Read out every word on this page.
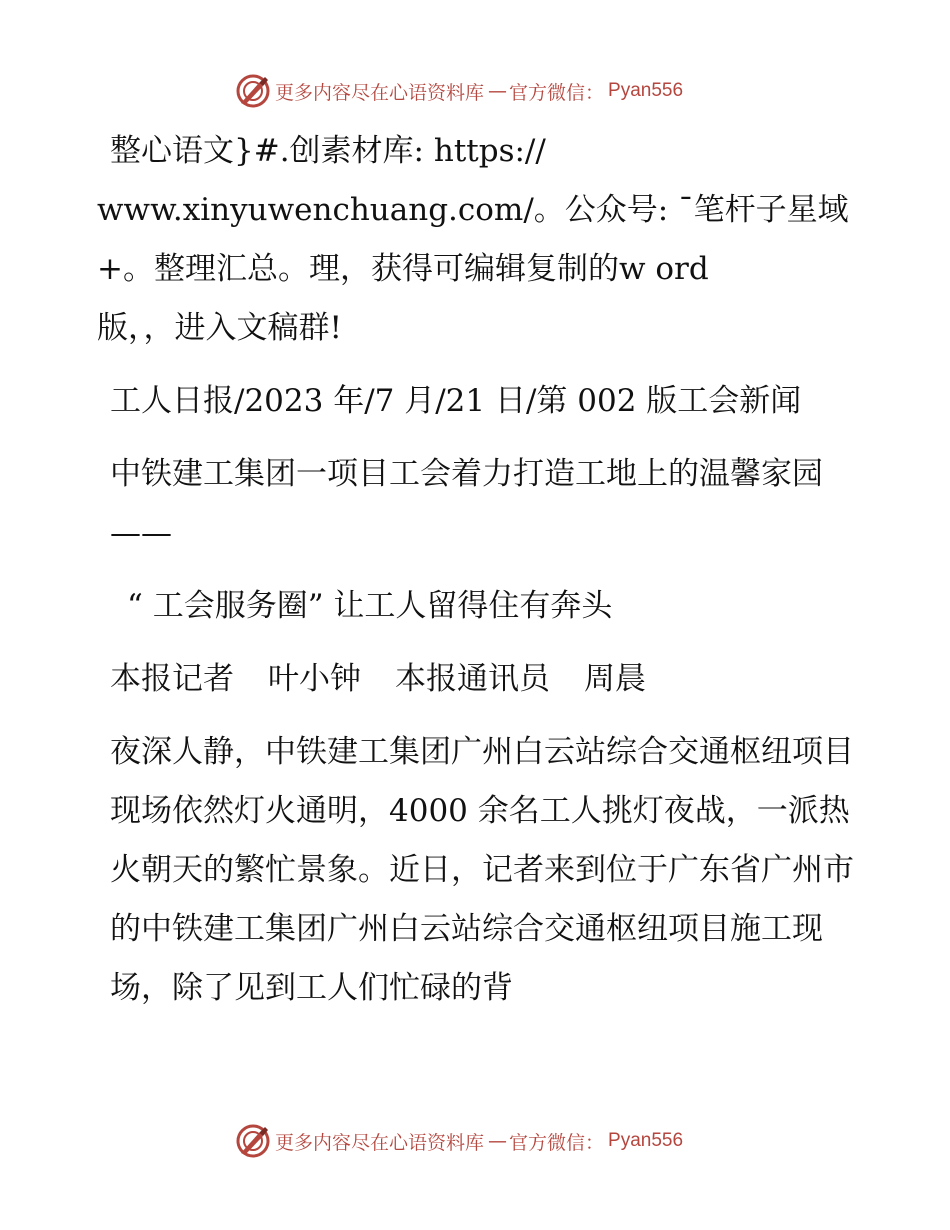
更多内容尽在心语资料库 — 官方微信： Pyan556

整心语文}#.创素材库: https://
www.xinyuwenchuang.com/。公众号: ¯笔杆子星域
+。整理汇总。理，获得可编辑复制的w ord
版，，进入文稿群!

工人日报/2023 年/7 月/21 日/第 002 版工会新闻

中铁建工集团一项目工会着力打造工地上的温馨家园——

“ 工会服务圈” 让工人留得住有奔头

本报记者 叶小钟 本报通讯员 周晨

夜深人静，中铁建工集团广州白云站综合交通枢纽项目现场依然灯火通明，4000 余名工人挑灯夜战，一派热火朝天的繁忙景象。近日，记者来到位于广东省广州市的中铁建工集团广州白云站综合交通枢纽项目施工现场，除了见到工人们忙碌的背

更多内容尽在心语资料库 — 官方微信： Pyan556
